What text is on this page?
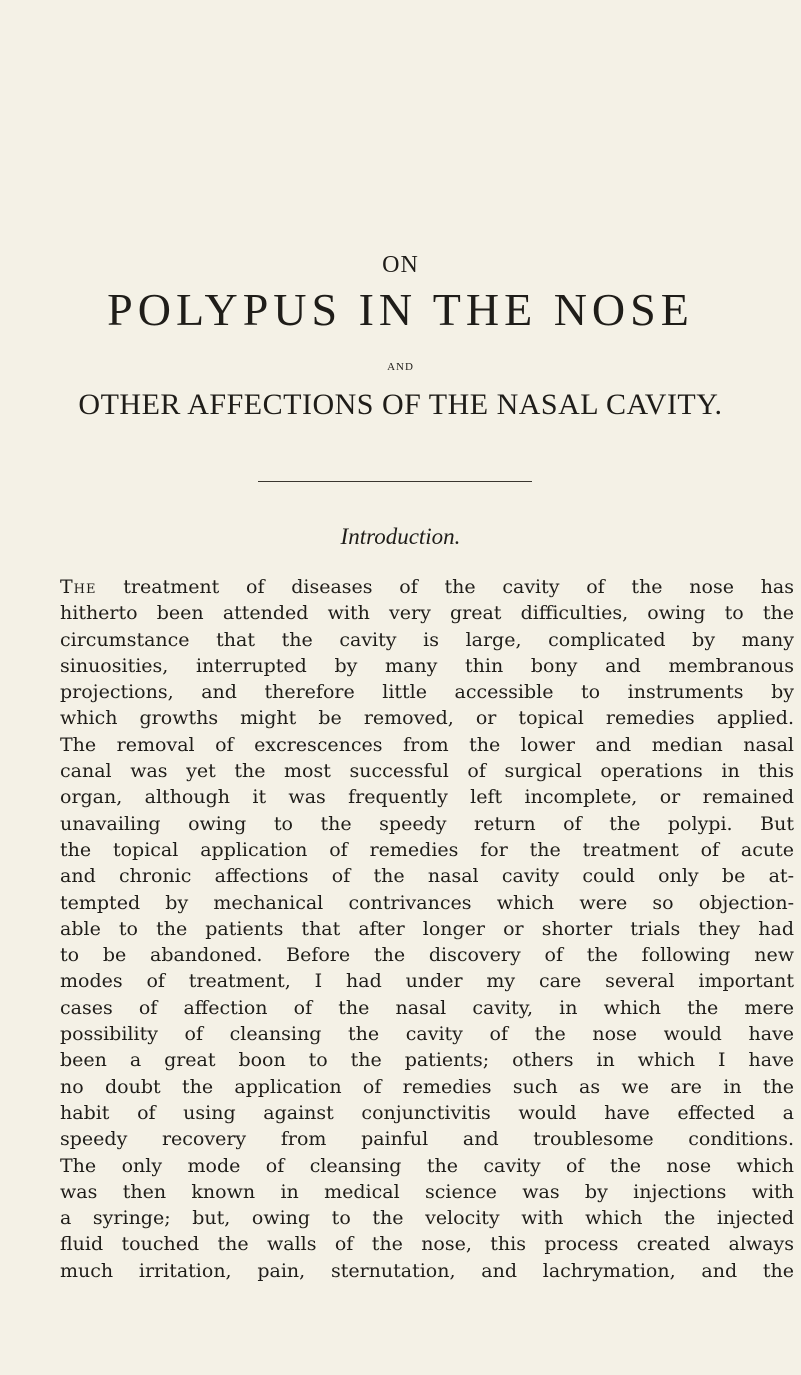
ON
POLYPUS IN THE NOSE
AND
OTHER AFFECTIONS OF THE NASAL CAVITY.
Introduction.
The treatment of diseases of the cavity of the nose has
hitherto been attended with very great difficulties, owing to the
circumstance that the cavity is large, complicated by many
sinuosities, interrupted by many thin bony and membranous
projections, and therefore little accessible to instruments by
which growths might be removed, or topical remedies applied.
The removal of excrescences from the lower and median nasal
canal was yet the most successful of surgical operations in this
organ, although it was frequently left incomplete, or remained
unavailing owing to the speedy return of the polypi. But
the topical application of remedies for the treatment of acute
and chronic affections of the nasal cavity could only be at-
tempted by mechanical contrivances which were so objection-
able to the patients that after longer or shorter trials they had
to be abandoned. Before the discovery of the following new
modes of treatment, I had under my care several important
cases of affection of the nasal cavity, in which the mere
possibility of cleansing the cavity of the nose would have
been a great boon to the patients; others in which I have
no doubt the application of remedies such as we are in the
habit of using against conjunctivitis would have effected a
speedy recovery from painful and troublesome conditions.
The only mode of cleansing the cavity of the nose which
was then known in medical science was by injections with
a syringe; but, owing to the velocity with which the injected
fluid touched the walls of the nose, this process created always
much irritation, pain, sternutation, and lachrymation, and the
